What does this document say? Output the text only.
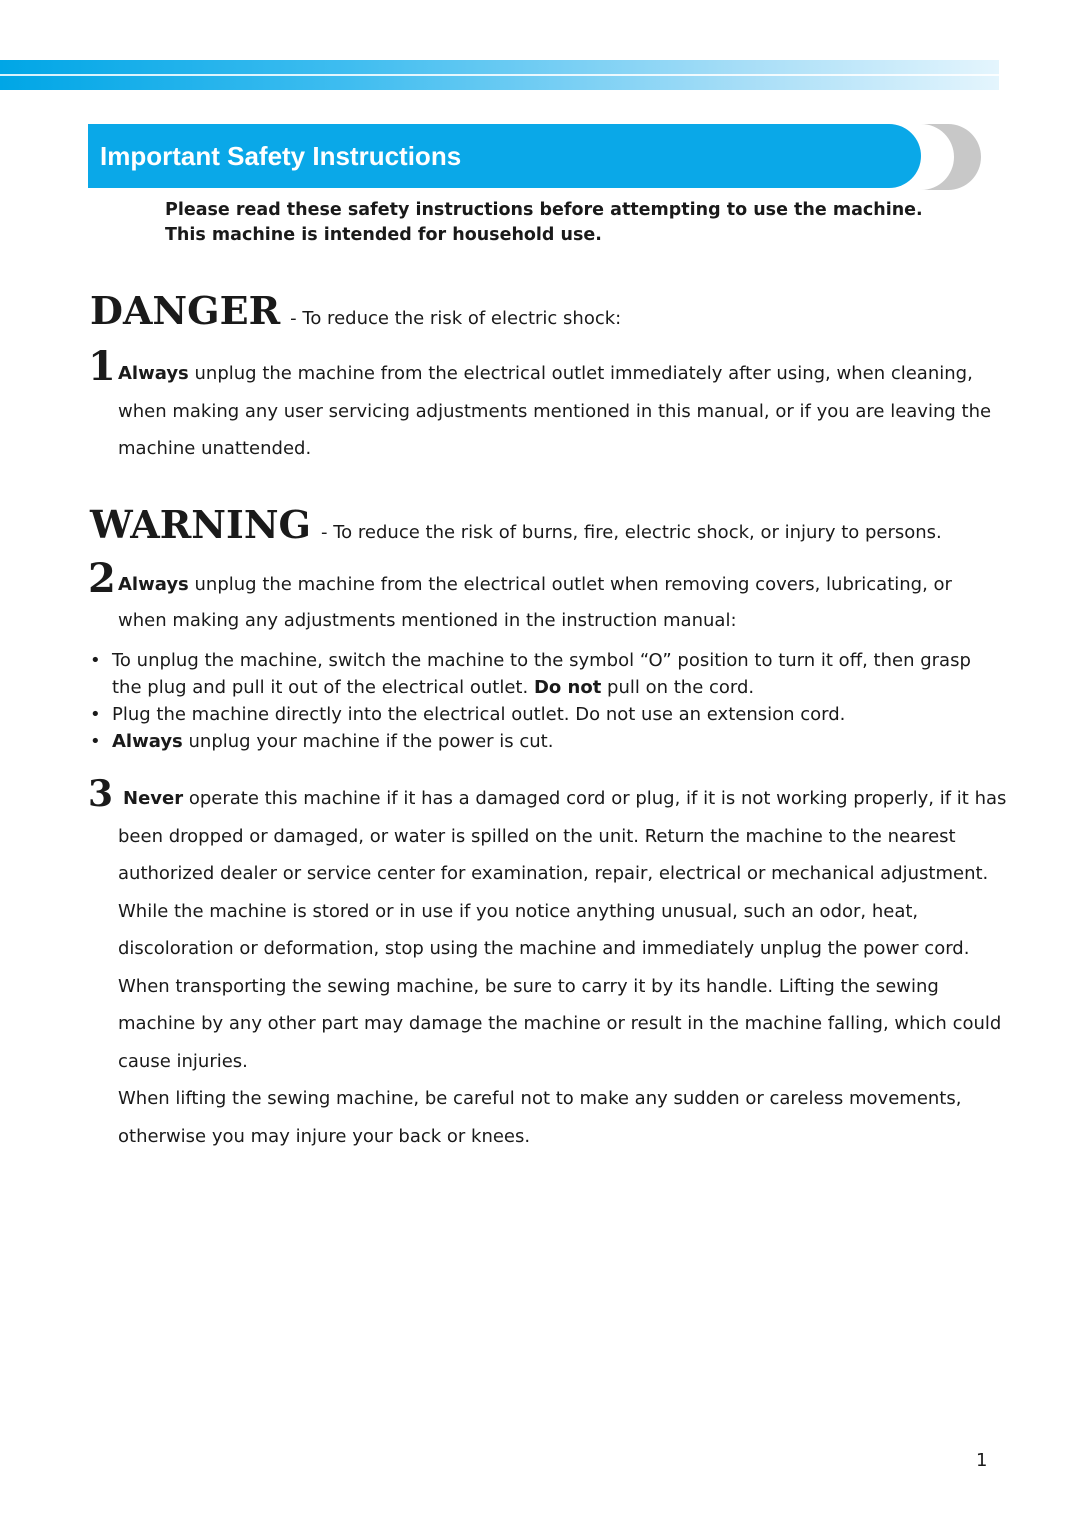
Important Safety Instructions
Please read these safety instructions before attempting to use the machine.
This machine is intended for household use.
DANGER - To reduce the risk of electric shock:
1 Always unplug the machine from the electrical outlet immediately after using, when cleaning,
when making any user servicing adjustments mentioned in this manual, or if you are leaving the
machine unattended.
WARNING - To reduce the risk of burns, fire, electric shock, or injury to persons.
2 Always unplug the machine from the electrical outlet when removing covers, lubricating, or
when making any adjustments mentioned in the instruction manual:
• To unplug the machine, switch the machine to the symbol “O” position to turn it off, then grasp
the plug and pull it out of the electrical outlet. Do not pull on the cord.
• Plug the machine directly into the electrical outlet. Do not use an extension cord.
• Always unplug your machine if the power is cut.
3 Never operate this machine if it has a damaged cord or plug, if it is not working properly, if it has
been dropped or damaged, or water is spilled on the unit. Return the machine to the nearest
authorized dealer or service center for examination, repair, electrical or mechanical adjustment.
While the machine is stored or in use if you notice anything unusual, such an odor, heat,
discoloration or deformation, stop using the machine and immediately unplug the power cord.
When transporting the sewing machine, be sure to carry it by its handle. Lifting the sewing
machine by any other part may damage the machine or result in the machine falling, which could
cause injuries.
When lifting the sewing machine, be careful not to make any sudden or careless movements,
otherwise you may injure your back or knees.
1
